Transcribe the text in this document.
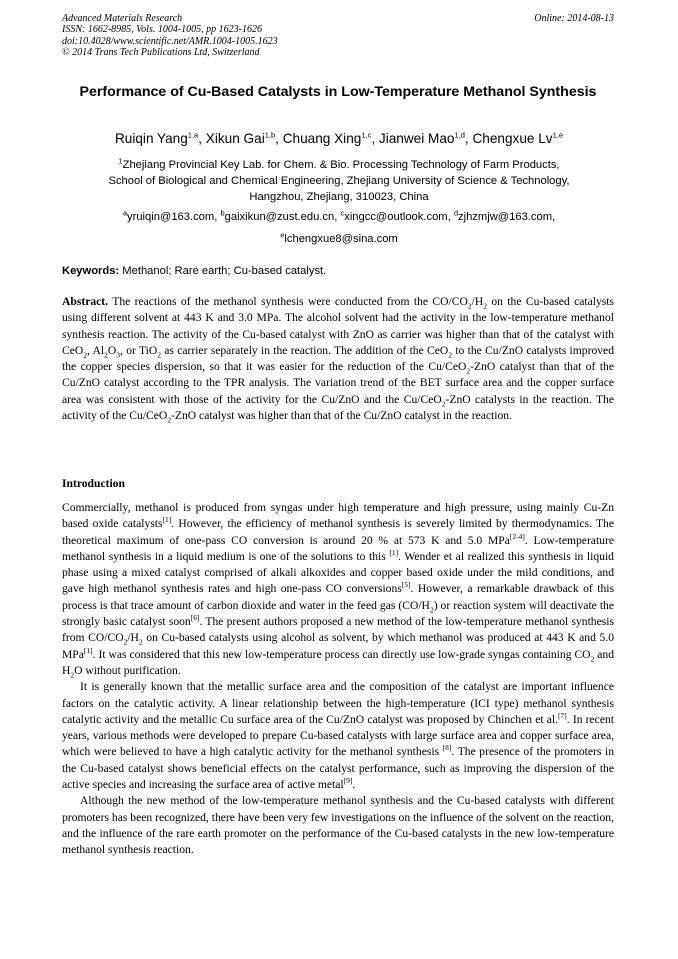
Advanced Materials Research
ISSN: 1662-8985, Vols. 1004-1005, pp 1623-1626
doi:10.4028/www.scientific.net/AMR.1004-1005.1623
© 2014 Trans Tech Publications Ltd, Switzerland
Online: 2014-08-13
Performance of Cu-Based Catalysts in Low-Temperature Methanol Synthesis
Ruiqin Yang$^{1,a}$, Xikun Gai$^{1,b}$, Chuang Xing$^{1,c}$, Jianwei Mao$^{1,d}$, Chengxue Lv$^{1,e}$
$^1$Zhejiang Provincial Key Lab. for Chem. & Bio. Processing Technology of Farm Products,
School of Biological and Chemical Engineering, Zhejiang University of Science & Technology,
Hangzhou, Zhejiang, 310023, China
$^a$yruiqin@163.com, $^b$gaixikun@zust.edu.cn, $^c$xingcc@outlook.com, $^d$zjhzmjw@163.com,
$^e$lchengxue8@sina.com
Keywords: Methanol; Rare earth; Cu-based catalyst.
Abstract. The reactions of the methanol synthesis were conducted from the $CO/CO_2/H_2$ on the Cu-based catalysts using different solvent at 443 K and 3.0 MPa. The alcohol solvent had the activity in the low-temperature methanol synthesis reaction. The activity of the Cu-based catalyst with ZnO as carrier was higher than that of the catalyst with CeO$_2$, $Al_2O_3$, or TiO$_2$ as carrier separately in the reaction. The addition of the CeO$_2$ to the Cu/ZnO catalysts improved the copper species dispersion, so that it was easier for the reduction of the Cu/CeO$_2$-ZnO catalyst than that of the Cu/ZnO catalyst according to the TPR analysis. The variation trend of the BET surface area and the copper surface area was consistent with those of the activity for the Cu/ZnO and the Cu/CeO$_2$-ZnO catalysts in the reaction. The activity of the Cu/CeO$_2$-ZnO catalyst was higher than that of the Cu/ZnO catalyst in the reaction.
Introduction

Commercially, methanol is produced from syngas under high temperature and high pressure, using mainly Cu-Zn based oxide catalysts[1]. However, the efficiency of methanol synthesis is severely limited by thermodynamics. The theoretical maximum of one-pass CO conversion is around 20 % at 573 K and 5.0 MPa[2-4]. Low-temperature methanol synthesis in a liquid medium is one of the solutions to this [1]. Wender et al realized this synthesis in liquid phase using a mixed catalyst comprised of alkali alkoxides and copper based oxide under the mild conditions, and gave high methanol synthesis rates and high one-pass CO conversions[5]. However, a remarkable drawback of this process is that trace amount of carbon dioxide and water in the feed gas $(CO/H_2)$ or reaction system will deactivate the strongly basic catalyst soon[6]. The present authors proposed a new method of the low-temperature methanol synthesis from $CO/CO_2/H_2$ on Cu-based catalysts using alcohol as solvent, by which methanol was produced at 443 K and 5.0 MPa[1]. It was considered that this new low-temperature process can directly use low-grade syngas containing $CO_2$ and $H_2O$ without purification.

It is generally known that the metallic surface area and the composition of the catalyst are important influence factors on the catalytic activity. A linear relationship between the high-temperature (ICI type) methanol synthesis catalytic activity and the metallic Cu surface area of the Cu/ZnO catalyst was proposed by Chinchen et al.[7]. In recent years, various methods were developed to prepare Cu-based catalysts with large surface area and copper surface area, which were believed to have a high catalytic activity for the methanol synthesis [8]. The presence of the promoters in the Cu-based catalyst shows beneficial effects on the catalyst performance, such as improving the dispersion of the active species and increasing the surface area of active metal[9].

Although the new method of the low-temperature methanol synthesis and the Cu-based catalysts with different promoters has been recognized, there have been very few investigations on the influence of the solvent on the reaction, and the influence of the rare earth promoter on the performance of the Cu-based catalysts in the new low-temperature methanol synthesis reaction.
